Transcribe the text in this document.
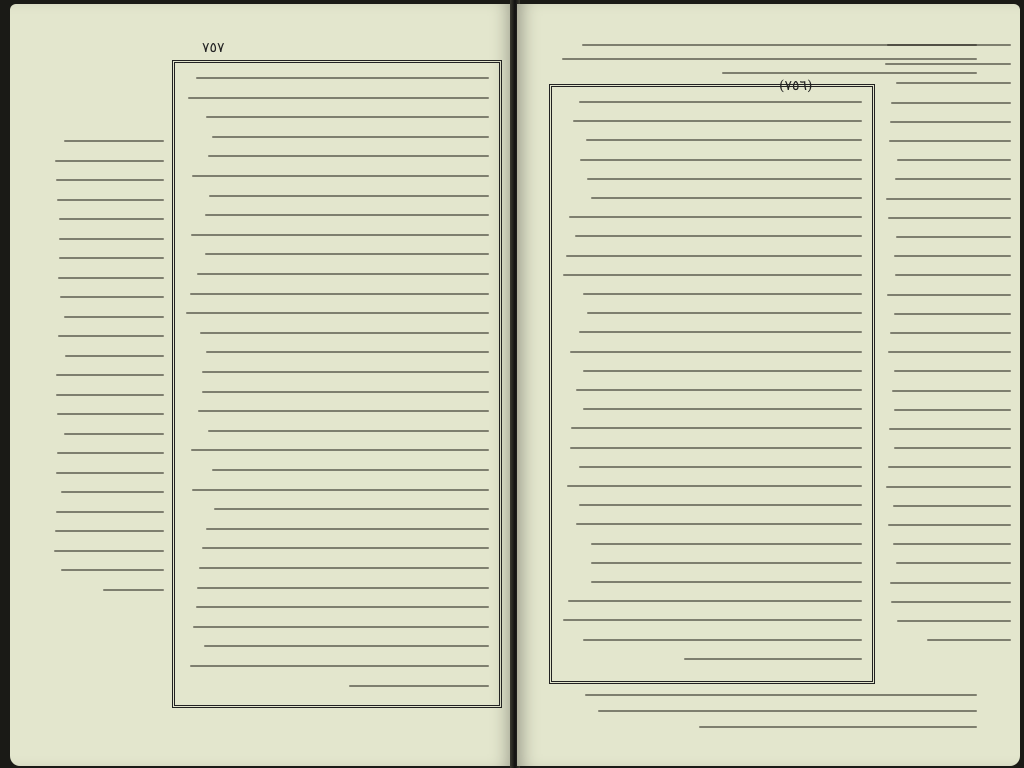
٧٥٧
(٧٥٦)
